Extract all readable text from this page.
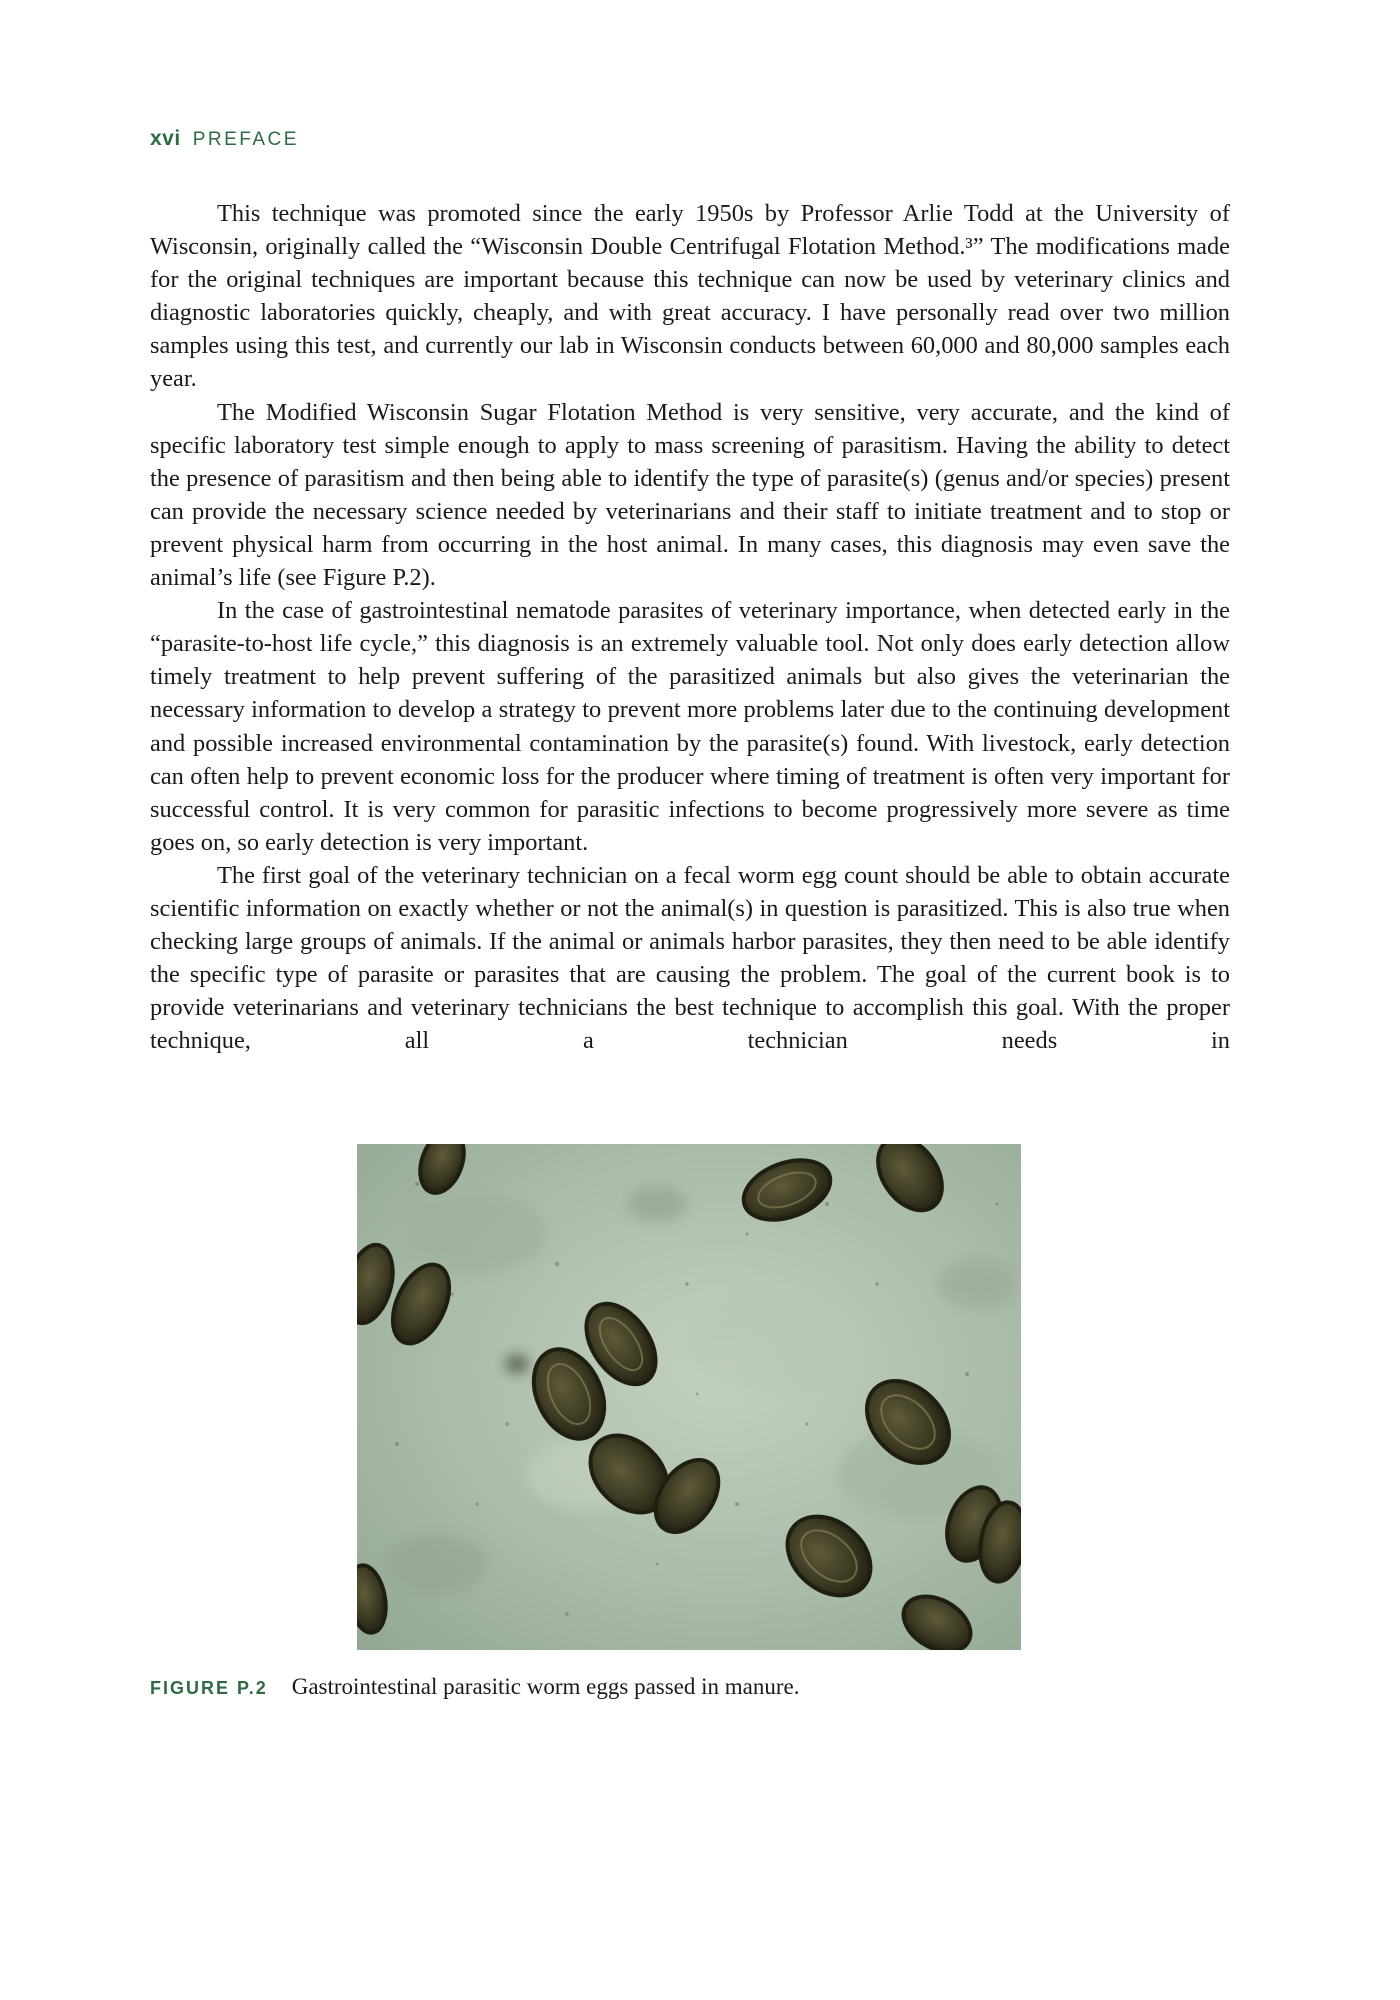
xvi PREFACE

This technique was promoted since the early 1950s by Professor Arlie Todd at the University of Wisconsin, originally called the “Wisconsin Double Centrifugal Flotation Method.³” The modifications made for the original techniques are important because this technique can now be used by veterinary clinics and diagnostic laboratories quickly, cheaply, and with great accuracy. I have personally read over two million samples using this test, and currently our lab in Wisconsin conducts between 60,000 and 80,000 samples each year.

The Modified Wisconsin Sugar Flotation Method is very sensitive, very accurate, and the kind of specific laboratory test simple enough to apply to mass screening of parasitism. Having the ability to detect the presence of parasitism and then being able to identify the type of parasite(s) (genus and/or species) present can provide the necessary science needed by veterinarians and their staff to initiate treatment and to stop or prevent physical harm from occurring in the host animal. In many cases, this diagnosis may even save the animal’s life (see Figure P.2).

In the case of gastrointestinal nematode parasites of veterinary importance, when detected early in the “parasite-to-host life cycle,” this diagnosis is an extremely valuable tool. Not only does early detection allow timely treatment to help prevent suffering of the parasitized animals but also gives the veterinarian the necessary information to develop a strategy to prevent more problems later due to the continuing development and possible increased environmental contamination by the parasite(s) found. With livestock, early detection can often help to prevent economic loss for the producer where timing of treatment is often very important for successful control. It is very common for parasitic infections to become progressively more severe as time goes on, so early detection is very important.

The first goal of the veterinary technician on a fecal worm egg count should be able to obtain accurate scientific information on exactly whether or not the animal(s) in question is parasitized. This is also true when checking large groups of animals. If the animal or animals harbor parasites, they then need to be able identify the specific type of parasite or parasites that are causing the problem. The goal of the current book is to provide veterinarians and veterinary technicians the best technique to accomplish this goal. With the proper technique, all a technician needs in

FIGURE P.2 Gastrointestinal parasitic worm eggs passed in manure.
